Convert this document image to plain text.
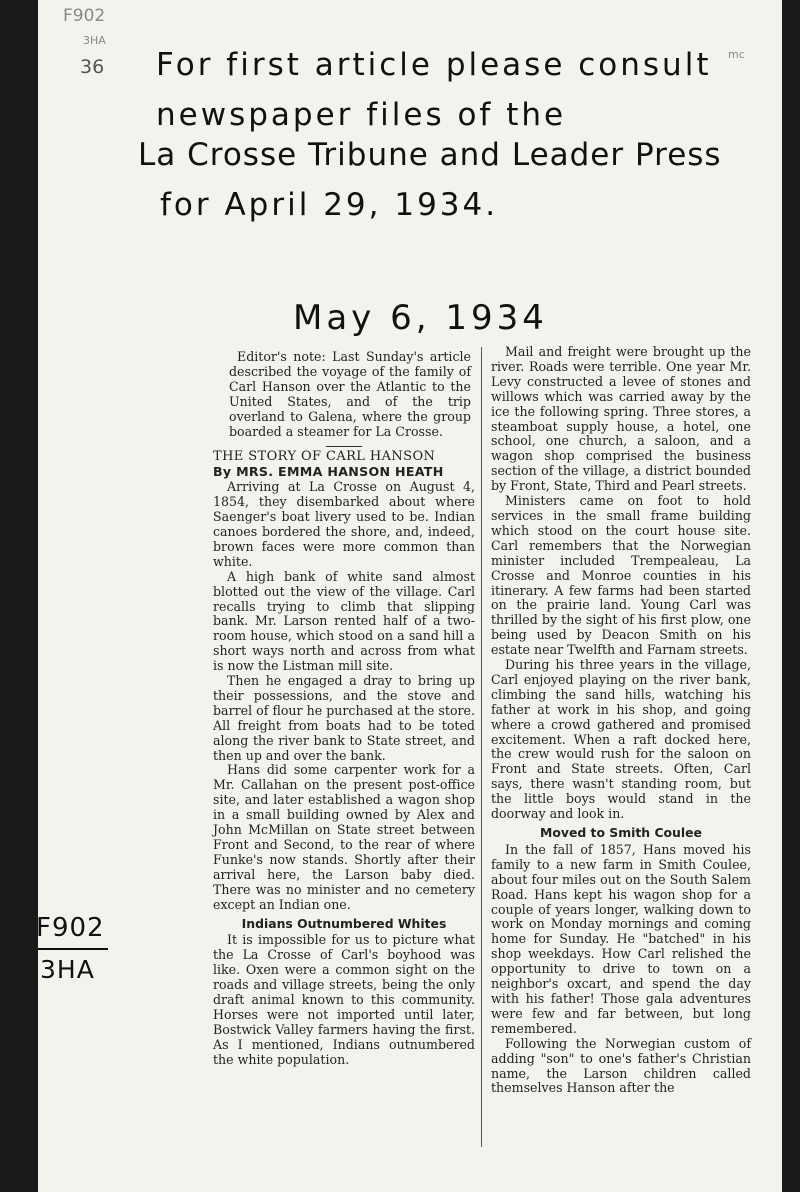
F902
3HA
36
mc
For first article please consult
newspaper files of the
La Crosse Tribune and Leader Press
for April 29, 1934.
May 6, 1934
F902
3HA

Editor's note: Last Sunday's article described the voyage of the family of Carl Hanson over the Atlantic to the United States, and of the trip overland to Galena, where the group boarded a steamer for La Crosse.

THE STORY OF CARL HANSON

By MRS. EMMA HANSON HEATH

Arriving at La Crosse on August 4, 1854, they disembarked about where Saenger's boat livery used to be. Indian canoes bordered the shore, and, indeed, brown faces were more common than white.

A high bank of white sand almost blotted out the view of the village. Carl recalls trying to climb that slipping bank. Mr. Larson rented half of a two-room house, which stood on a sand hill a short ways north and across from what is now the Listman mill site.

Then he engaged a dray to bring up their possessions, and the stove and barrel of flour he purchased at the store. All freight from boats had to be toted along the river bank to State street, and then up and over the bank.

Hans did some carpenter work for a Mr. Callahan on the present post-office site, and later established a wagon shop in a small building owned by Alex and John McMillan on State street between Front and Second, to the rear of where Funke's now stands. Shortly after their arrival here, the Larson baby died. There was no minister and no cemetery except an Indian one.

Indians Outnumbered Whites

It is impossible for us to picture what the La Crosse of Carl's boyhood was like. Oxen were a common sight on the roads and village streets, being the only draft animal known to this community. Horses were not imported until later, Bostwick Valley farmers having the first. As I mentioned, Indians outnumbered the white population.

Mail and freight were brought up the river. Roads were terrible. One year Mr. Levy constructed a levee of stones and willows which was carried away by the ice the following spring. Three stores, a steamboat supply house, a hotel, one school, one church, a saloon, and a wagon shop comprised the business section of the village, a district bounded by Front, State, Third and Pearl streets.

Ministers came on foot to hold services in the small frame building which stood on the court house site. Carl remembers that the Norwegian minister included Trempealeau, La Crosse and Monroe counties in his itinerary. A few farms had been started on the prairie land. Young Carl was thrilled by the sight of his first plow, one being used by Deacon Smith on his estate near Twelfth and Farnam streets.

During his three years in the village, Carl enjoyed playing on the river bank, climbing the sand hills, watching his father at work in his shop, and going where a crowd gathered and promised excitement. When a raft docked here, the crew would rush for the saloon on Front and State streets. Often, Carl says, there wasn't standing room, but the little boys would stand in the doorway and look in.

Moved to Smith Coulee

In the fall of 1857, Hans moved his family to a new farm in Smith Coulee, about four miles out on the South Salem Road. Hans kept his wagon shop for a couple of years longer, walking down to work on Monday mornings and coming home for Sunday. He "batched" in his shop weekdays. How Carl relished the opportunity to drive to town on a neighbor's oxcart, and spend the day with his father! Those gala adventures were few and far between, but long remembered.

Following the Norwegian custom of adding "son" to one's father's Christian name, the Larson children called themselves Hanson after the
